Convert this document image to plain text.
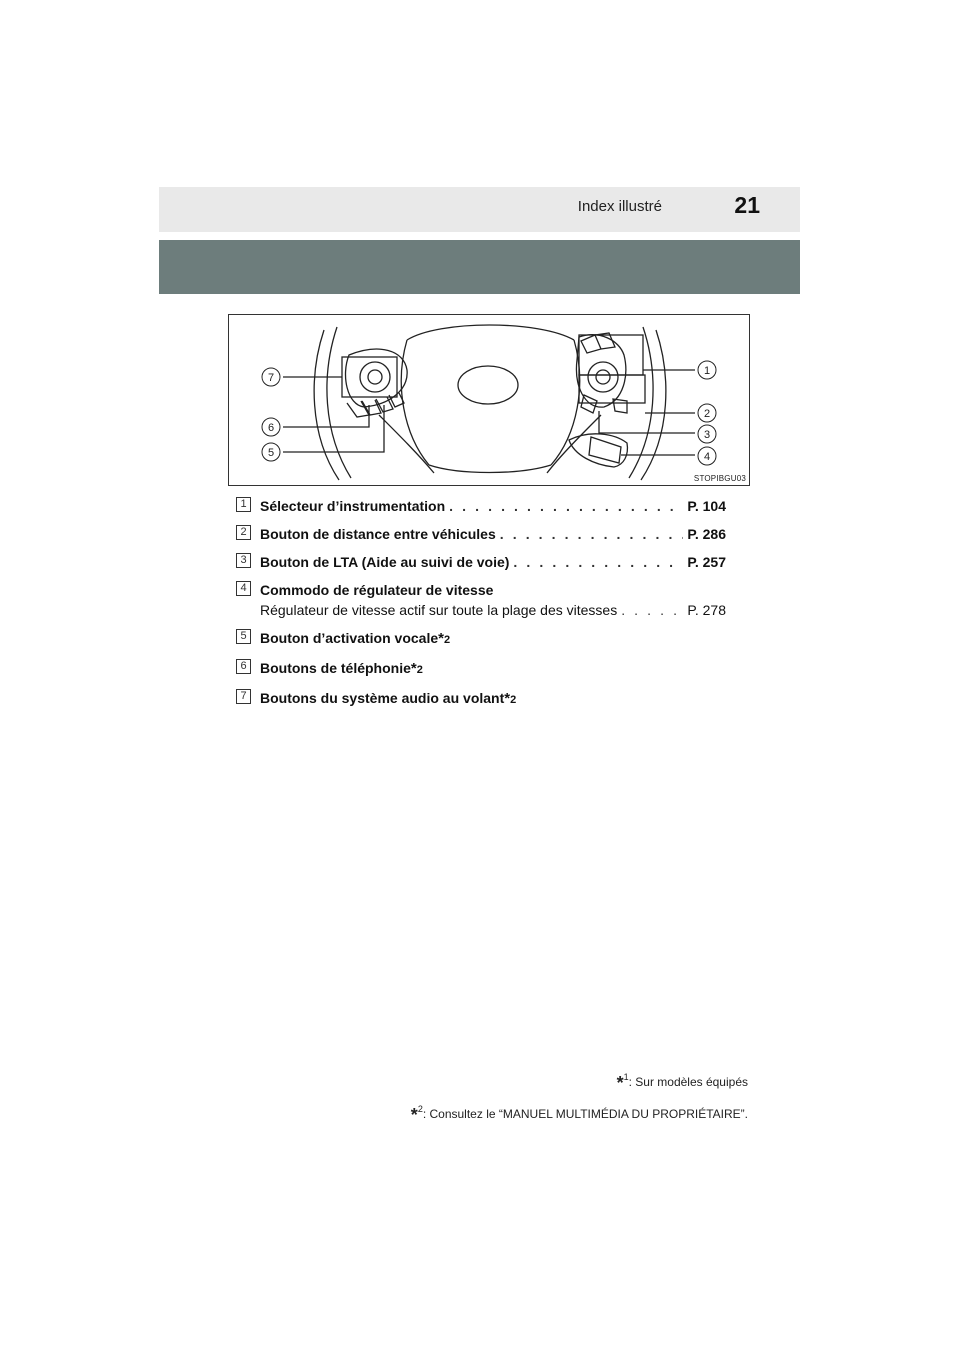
Index illustré	21
7
6
5
1
2
3
4
STOPIBGU03
1 Sélecteur d’instrumentation . . .	P. 104
2 Bouton de distance entre véhicules . . .	P. 286
3 Bouton de LTA (Aide au suivi de voie) . . .	P. 257
4 Commodo de régulateur de vitesse
Régulateur de vitesse actif sur toute la plage des vitesses . . .	P. 278
5 Bouton d’activation vocale *2
6 Boutons de téléphonie *2
7 Boutons du système audio au volant *2
*$^1$: Sur modèles équipés
*$^2$: Consultez le “MANUEL MULTIMÉDIA DU PROPRIÉTAIRE”.
